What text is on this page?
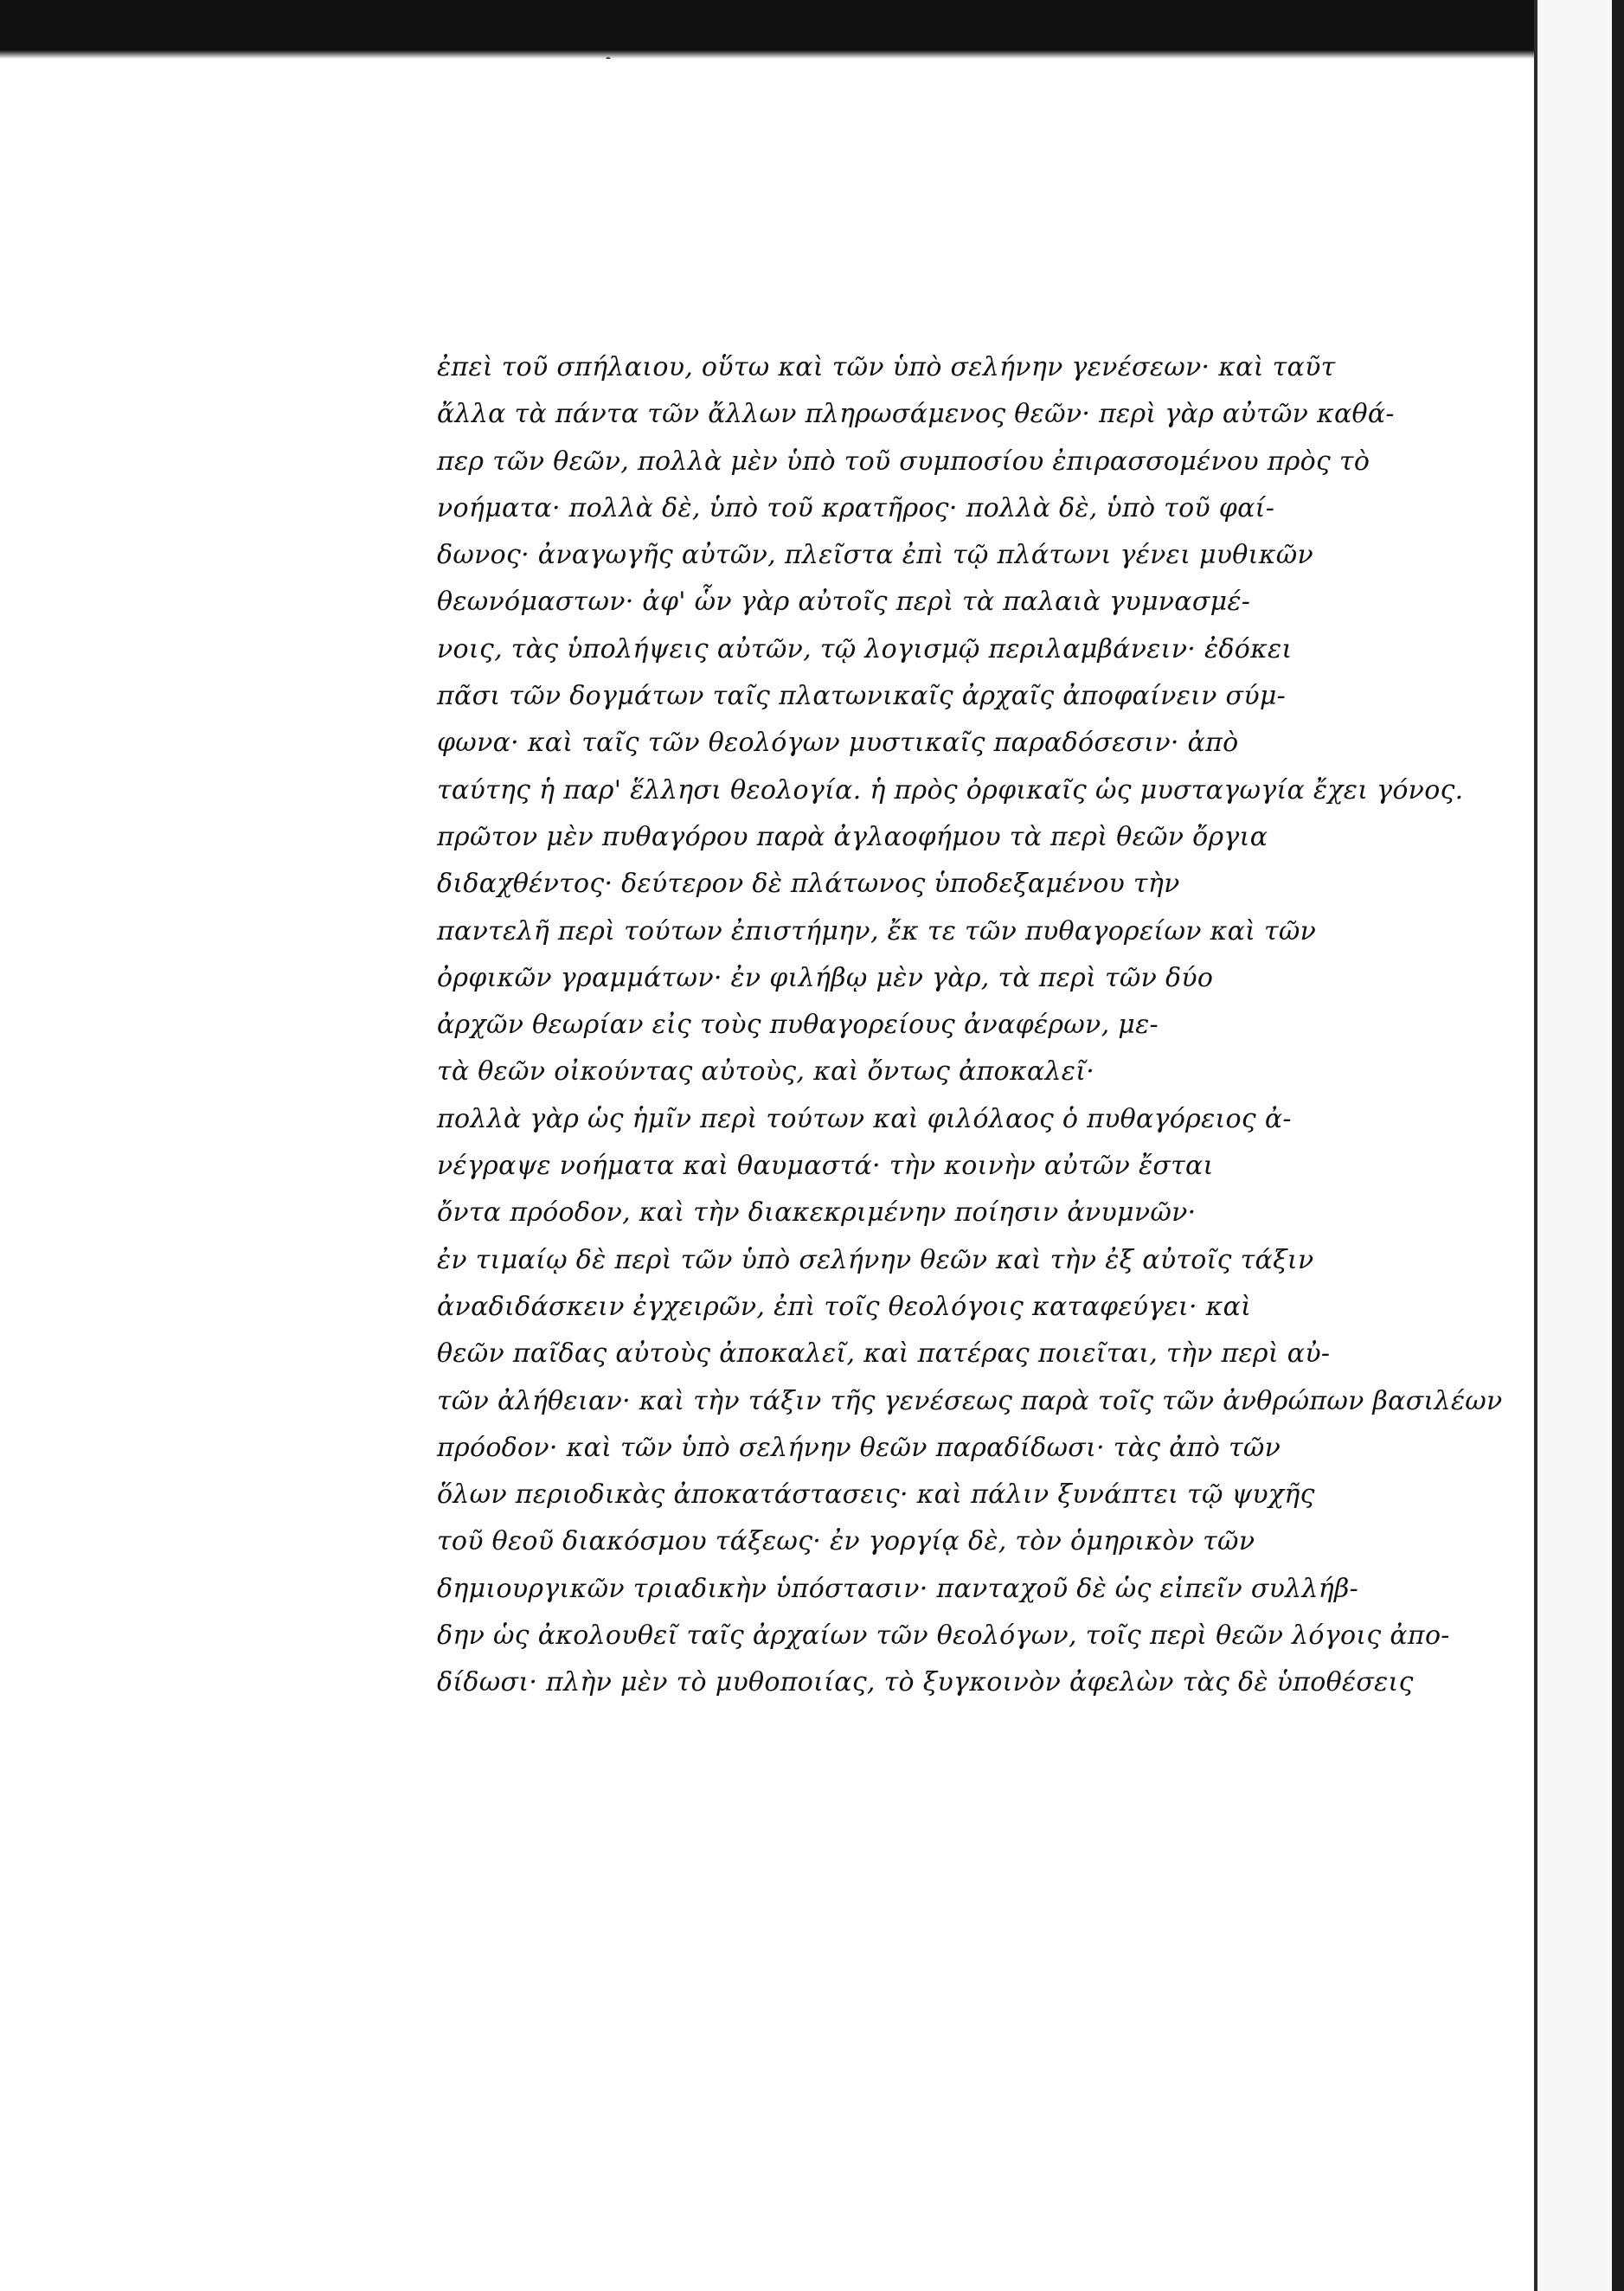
ἐπεὶ τοῦ σπήλαιου, οὕτω καὶ τῶν ὑπὸ σελήνην γενέσεων· καὶ ταῦτ
ἄλλα τὰ πάντα τῶν ἄλλων πληρωσάμενος θεῶν· περὶ γὰρ αὐτῶν καθά-
περ τῶν θεῶν, πολλὰ μὲν ὑπὸ τοῦ συμποσίου ἐπιρασσομένου πρὸς τὸ
νοήματα· πολλὰ δὲ, ὑπὸ τοῦ κρατῆρος· πολλὰ δὲ, ὑπὸ τοῦ φαί-
δωνος· ἀναγωγῆς αὐτῶν, πλεῖστα ἐπὶ τῷ πλάτωνι γένει μυθικῶν
θεωνόμαστων· ἀφ' ὧν γὰρ αὐτοῖς περὶ τὰ παλαιὰ γυμνασμέ-
νοις, τὰς ὑπολήψεις αὐτῶν, τῷ λογισμῷ περιλαμβάνειν· ἐδόκει
πᾶσι τῶν δογμάτων ταῖς πλατωνικαῖς ἀρχαῖς ἀποφαίνειν σύμ-
φωνα· καὶ ταῖς τῶν θεολόγων μυστικαῖς παραδόσεσιν· ἀπὸ
ταύτης ἡ παρ' ἕλλησι θεολογία. ἡ πρὸς ὀρφικαῖς ὡς μυσταγωγία ἔχει γόνος.
πρῶτον μὲν πυθαγόρου παρὰ ἀγλαοφήμου τὰ περὶ θεῶν ὄργια
διδαχθέντος· δεύτερον δὲ πλάτωνος ὑποδεξαμένου τὴν
παντελῆ περὶ τούτων ἐπιστήμην, ἔκ τε τῶν πυθαγορείων καὶ τῶν
ὀρφικῶν γραμμάτων· ἐν φιλήβῳ μὲν γὰρ, τὰ περὶ τῶν δύο
ἀρχῶν θεωρίαν εἰς τοὺς πυθαγορείους ἀναφέρων, με-
τὰ θεῶν οἰκούντας αὐτοὺς, καὶ ὄντως ἀποκαλεῖ·
πολλὰ γὰρ ὡς ἡμῖν περὶ τούτων καὶ φιλόλαος ὁ πυθαγόρειος ἀ-
νέγραψε νοήματα καὶ θαυμαστά· τὴν κοινὴν αὐτῶν ἔσται
ὄντα πρόοδον, καὶ τὴν διακεκριμένην ποίησιν ἀνυμνῶν·
ἐν τιμαίῳ δὲ περὶ τῶν ὑπὸ σελήνην θεῶν καὶ τὴν ἐξ αὐτοῖς τάξιν
ἀναδιδάσκειν ἐγχειρῶν, ἐπὶ τοῖς θεολόγοις καταφεύγει· καὶ
θεῶν παῖδας αὐτοὺς ἀποκαλεῖ, καὶ πατέρας ποιεῖται, τὴν περὶ αὐ-
τῶν ἀλήθειαν· καὶ τὴν τάξιν τῆς γενέσεως παρὰ τοῖς τῶν ἀνθρώπων βασιλέων
πρόοδον· καὶ τῶν ὑπὸ σελήνην θεῶν παραδίδωσι· τὰς ἀπὸ τῶν
ὅλων περιοδικὰς ἀποκατάστασεις· καὶ πάλιν ξυνάπτει τῷ ψυχῆς
τοῦ θεοῦ διακόσμου τάξεως· ἐν γοργίᾳ δὲ, τὸν ὁμηρικὸν τῶν
δημιουργικῶν τριαδικὴν ὑπόστασιν· πανταχοῦ δὲ ὡς εἰπεῖν συλλήβ-
δην ὡς ἀκολουθεῖ ταῖς ἀρχαίων τῶν θεολόγων, τοῖς περὶ θεῶν λόγοις ἀπο-
δίδωσι· πλὴν μὲν τὸ μυθοποιίας, τὸ ξυγκοινὸν ἀφελὼν τὰς δὲ ὑποθέσεις
